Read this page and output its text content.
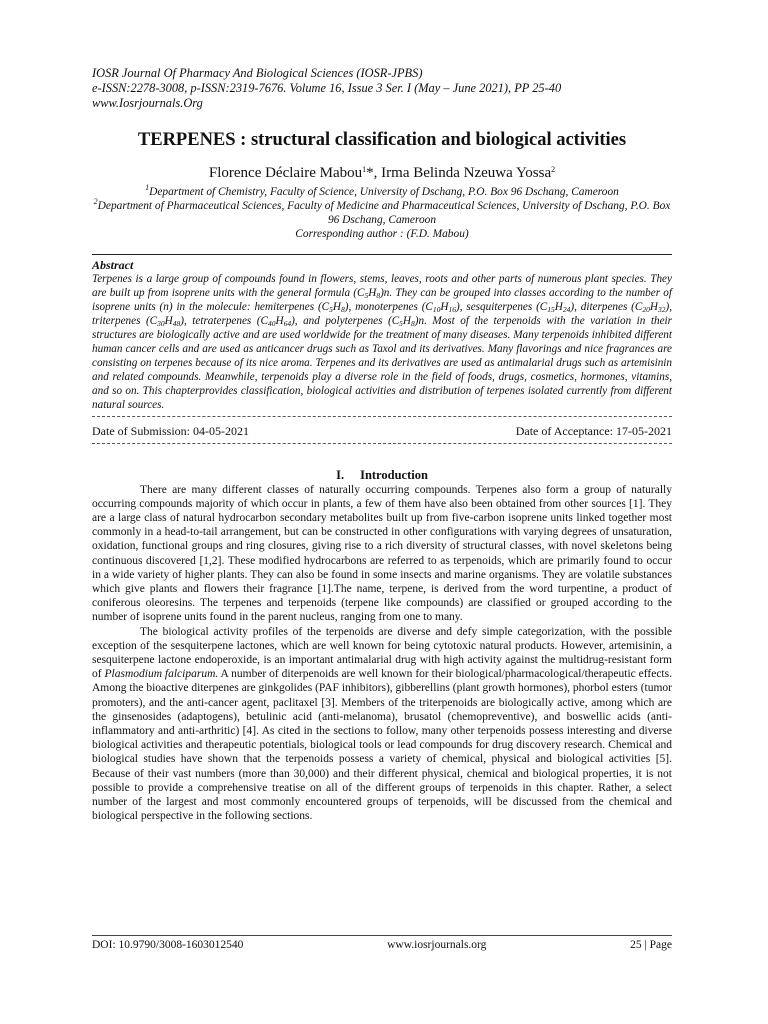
IOSR Journal Of Pharmacy And Biological Sciences (IOSR-JPBS)
e-ISSN:2278-3008, p-ISSN:2319-7676. Volume 16, Issue 3 Ser. I (May – June 2021), PP 25-40
www.Iosrjournals.Org
TERPENES : structural classification and biological activities
Florence Déclaire Mabou$^1$*, Irma Belinda Nzeuwa Yossa$^2$
$^1$Department of Chemistry, Faculty of Science, University of Dschang, P.O. Box 96 Dschang, Cameroon
$^2$Department of Pharmaceutical Sciences, Faculty of Medicine and Pharmaceutical Sciences, University of Dschang, P.O. Box 96 Dschang, Cameroon
Corresponding author : (F.D. Mabou)
Abstract
Terpenes is a large group of compounds found in flowers, stems, leaves, roots and other parts of numerous plant species. They are built up from isoprene units with the general formula $(C_5H_8)n$. They can be grouped into classes according to the number of isoprene units (n) in the molecule: hemiterpenes $(C_5H_8)$, monoterpenes $(C_{10}H_{16})$, sesquiterpenes $(C_{15}H_{24})$, diterpenes $(C_{20}H_{32})$, triterpenes $(C_{30}H_{48})$, tetraterpenes $(C_{40}H_{64})$, and polyterpenes $(C_5H_8)n$. Most of the terpenoids with the variation in their structures are biologically active and are used worldwide for the treatment of many diseases. Many terpenoids inhibited different human cancer cells and are used as anticancer drugs such as Taxol and its derivatives. Many flavorings and nice fragrances are consisting on terpenes because of its nice aroma. Terpenes and its derivatives are used as antimalarial drugs such as artemisinin and related compounds. Meanwhile, terpenoids play a diverse role in the field of foods, drugs, cosmetics, hormones, vitamins, and so on. This chapterprovides classification, biological activities and distribution of terpenes isolated currently from different natural sources.
Date of Submission: 04-05-2021	Date of Acceptance: 17-05-2021
I. Introduction

There are many different classes of naturally occurring compounds. Terpenes also form a group of naturally occurring compounds majority of which occur in plants, a few of them have also been obtained from other sources [1]. They are a large class of natural hydrocarbon secondary metabolites built up from five-carbon isoprene units linked together most commonly in a head-to-tail arrangement, but can be constructed in other configurations with varying degrees of unsaturation, oxidation, functional groups and ring closures, giving rise to a rich diversity of structural classes, with novel skeletons being continuous discovered [1,2]. These modified hydrocarbons are referred to as terpenoids, which are primarily found to occur in a wide variety of higher plants. They can also be found in some insects and marine organisms. They are volatile substances which give plants and flowers their fragrance [1].The name, terpene, is derived from the word turpentine, a product of coniferous oleoresins. The terpenes and terpenoids (terpene like compounds) are classified or grouped according to the number of isoprene units found in the parent nucleus, ranging from one to many.

The biological activity profiles of the terpenoids are diverse and defy simple categorization, with the possible exception of the sesquiterpene lactones, which are well known for being cytotoxic natural products. However, artemisinin, a sesquiterpene lactone endoperoxide, is an important antimalarial drug with high activity against the multidrug-resistant form of Plasmodium falciparum. A number of diterpenoids are well known for their biological/pharmacological/therapeutic effects. Among the bioactive diterpenes are ginkgolides (PAF inhibitors), gibberellins (plant growth hormones), phorbol esters (tumor promoters), and the anti-cancer agent, paclitaxel [3]. Members of the triterpenoids are biologically active, among which are the ginsenosides (adaptogens), betulinic acid (anti-melanoma), brusatol (chemopreventive), and boswellic acids (anti-inflammatory and anti-arthritic) [4]. As cited in the sections to follow, many other terpenoids possess interesting and diverse biological activities and therapeutic potentials, biological tools or lead compounds for drug discovery research. Chemical and biological studies have shown that the terpenoids possess a variety of chemical, physical and biological activities [5]. Because of their vast numbers (more than 30,000) and their different physical, chemical and biological properties, it is not possible to provide a comprehensive treatise on all of the different groups of terpenoids in this chapter. Rather, a select number of the largest and most commonly encountered groups of terpenoids, will be discussed from the chemical and biological perspective in the following sections.

DOI: 10.9790/3008-1603012540	www.iosrjournals.org	25 | Page
